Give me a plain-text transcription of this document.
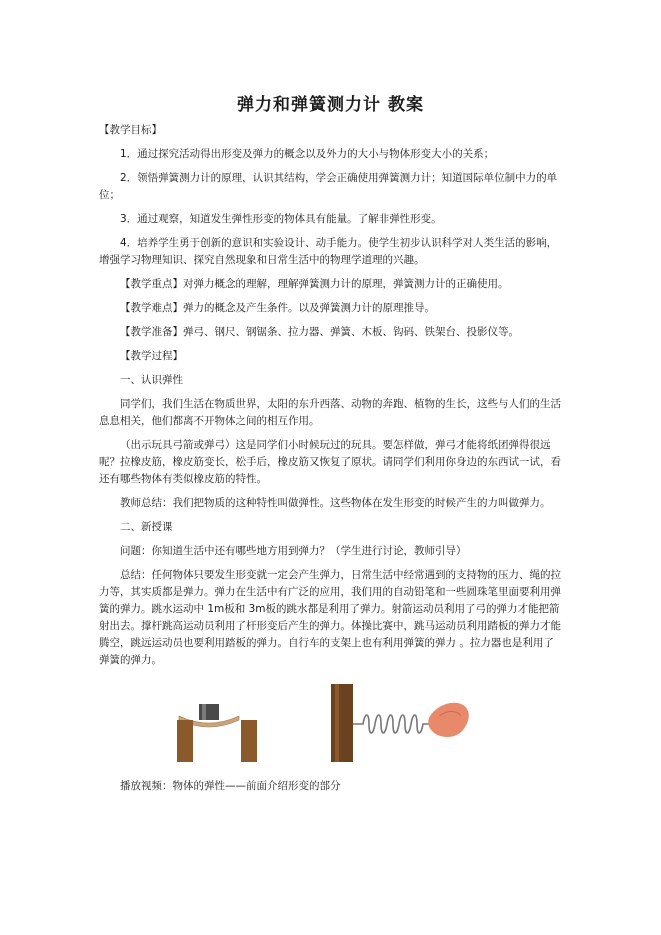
弹力和弹簧测力计 教案
【教学目标】
1．通过探究活动得出形变及弹力的概念以及外力的大小与物体形变大小的关系；
2．领悟弹簧测力计的原理，认识其结构，学会正确使用弹簧测力计；知道国际单位制中力的单位；
3．通过观察，知道发生弹性形变的物体具有能量。了解非弹性形变。
4．培养学生勇于创新的意识和实验设计、动手能力。使学生初步认识科学对人类生活的影响，增强学习物理知识、探究自然现象和日常生活中的物理学道理的兴趣。
【教学重点】对弹力概念的理解，理解弹簧测力计的原理，弹簧测力计的正确使用。
【教学难点】弹力的概念及产生条件。以及弹簧测力计的原理推导。
【教学准备】弹弓、钢尺、钢锯条、拉力器、弹簧、木板、钩码、铁架台、投影仪等。
【教学过程】
一、认识弹性
同学们，我们生活在物质世界，太阳的东升西落、动物的奔跑、植物的生长，这些与人们的生活息息相关，他们都离不开物体之间的相互作用。
（出示玩具弓箭或弹弓）这是同学们小时候玩过的玩具。要怎样做，弹弓才能将纸团弹得很远呢？拉橡皮筋，橡皮筋变长，松手后，橡皮筋又恢复了原状。请同学们利用你身边的东西试一试，看还有哪些物体有类似橡皮筋的特性。
教师总结：我们把物质的这种特性叫做弹性。这些物体在发生形变的时候产生的力叫做弹力。
二、新授课
问题：你知道生活中还有哪些地方用到弹力？（学生进行讨论，教师引导）
总结：任何物体只要发生形变就一定会产生弹力，日常生活中经常遇到的支持物的压力、绳的拉力等，其实质都是弹力。弹力在生活中有广泛的应用，我们用的自动铅笔和一些圆珠笔里面要利用弹簧的弹力。跳水运动中 1m板和 3m板的跳水都是利用了弹力。射箭运动员利用了弓的弹力才能把箭射出去。撑杆跳高运动员利用了杆形变后产生的弹力。体操比赛中，跳马运动员利用踏板的弹力才能腾空，跳远运动员也要利用踏板的弹力。自行车的支架上也有利用弹簧的弹力 。拉力器也是利用了弹簧的弹力。
播放视频：物体的弹性——前面介绍形变的部分
